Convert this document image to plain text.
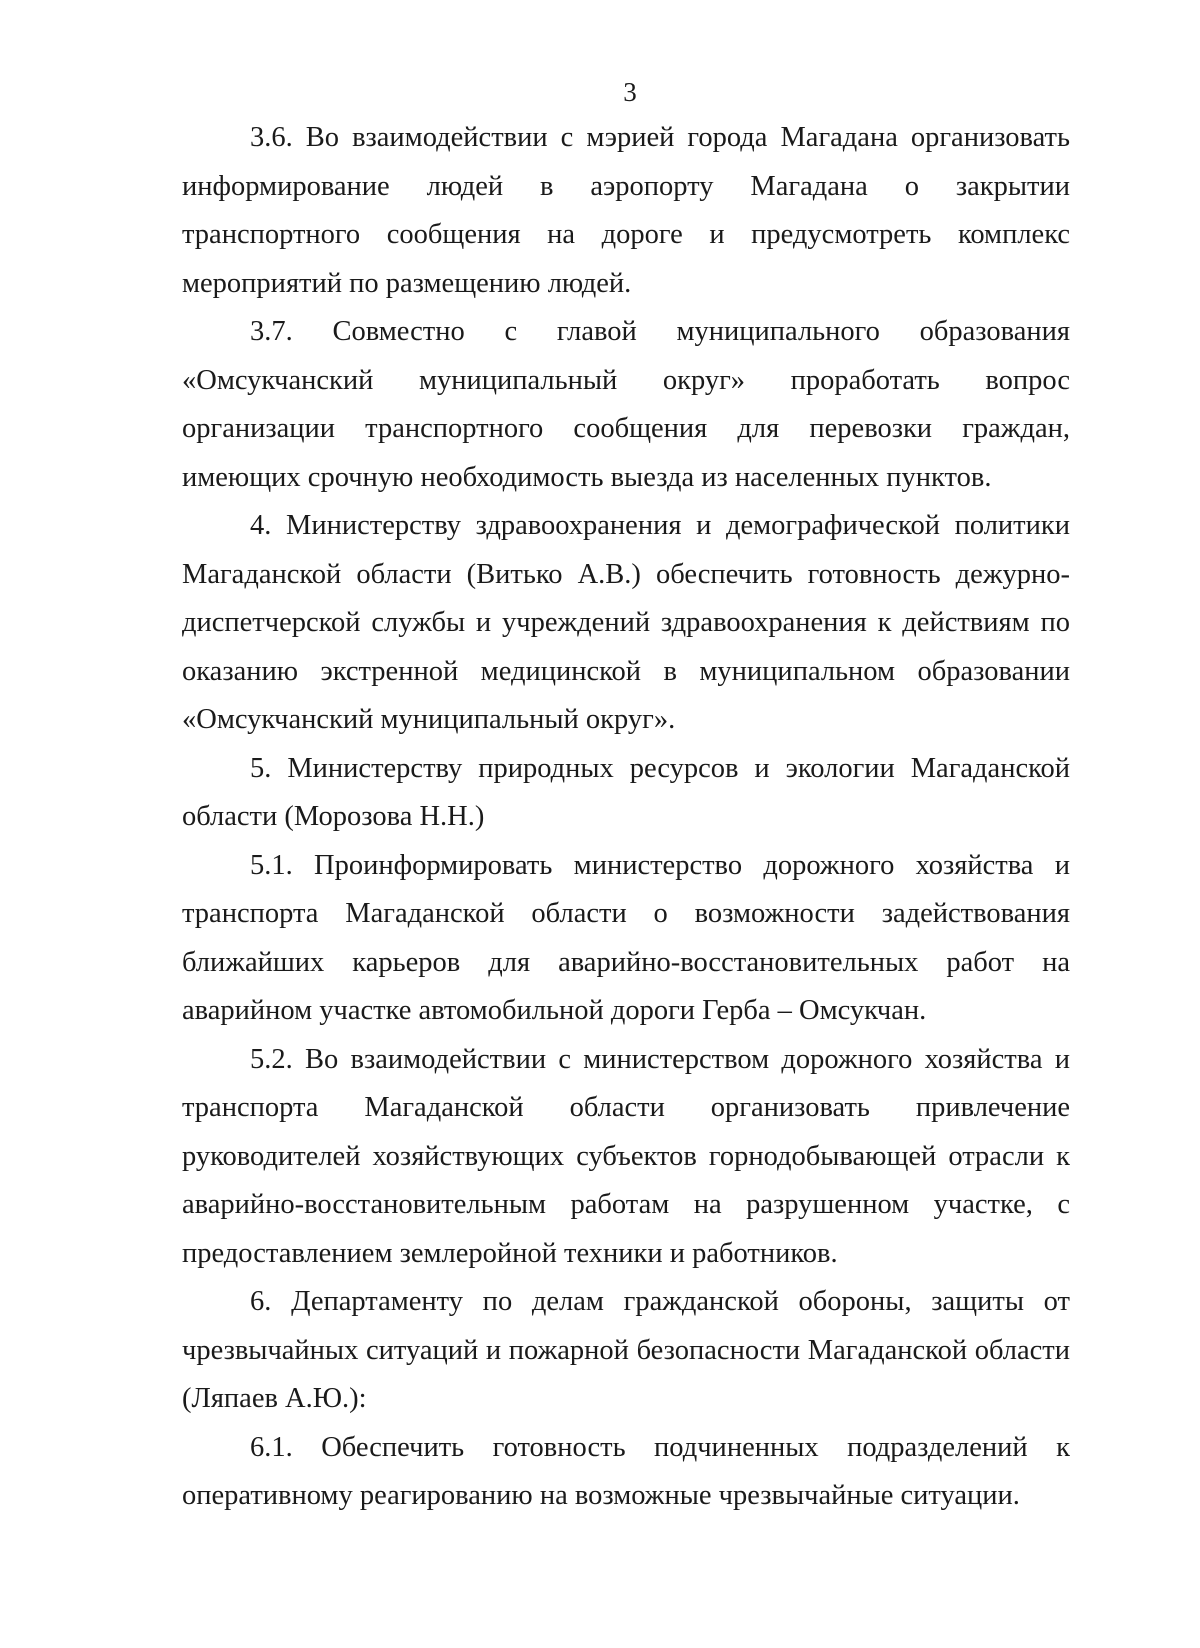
3

3.6. Во взаимодействии с мэрией города Магадана организовать информирование людей в аэропорту Магадана о закрытии транспортного сообщения на дороге и предусмотреть комплекс мероприятий по размещению людей.

3.7. Совместно с главой муниципального образования «Омсукчанский муниципальный округ» проработать вопрос организации транспортного сообщения для перевозки граждан, имеющих срочную необходимость выезда из населенных пунктов.

4. Министерству здравоохранения и демографической политики Магаданской области (Витько А.В.) обеспечить готовность дежурно-диспетчерской службы и учреждений здравоохранения к действиям по оказанию экстренной медицинской в муниципальном образовании «Омсукчанский муниципальный округ».

5. Министерству природных ресурсов и экологии Магаданской области (Морозова Н.Н.)

5.1. Проинформировать министерство дорожного хозяйства и транспорта Магаданской области о возможности задействования ближайших карьеров для аварийно-восстановительных работ на аварийном участке автомобильной дороги Герба – Омсукчан.

5.2. Во взаимодействии с министерством дорожного хозяйства и транспорта Магаданской области организовать привлечение руководителей хозяйствующих субъектов горнодобывающей отрасли к аварийно-восстановительным работам на разрушенном участке, с предоставлением землеройной техники и работников.

6. Департаменту по делам гражданской обороны, защиты от чрезвычайных ситуаций и пожарной безопасности Магаданской области (Ляпаев А.Ю.):

6.1. Обеспечить готовность подчиненных подразделений к оперативному реагированию на возможные чрезвычайные ситуации.
